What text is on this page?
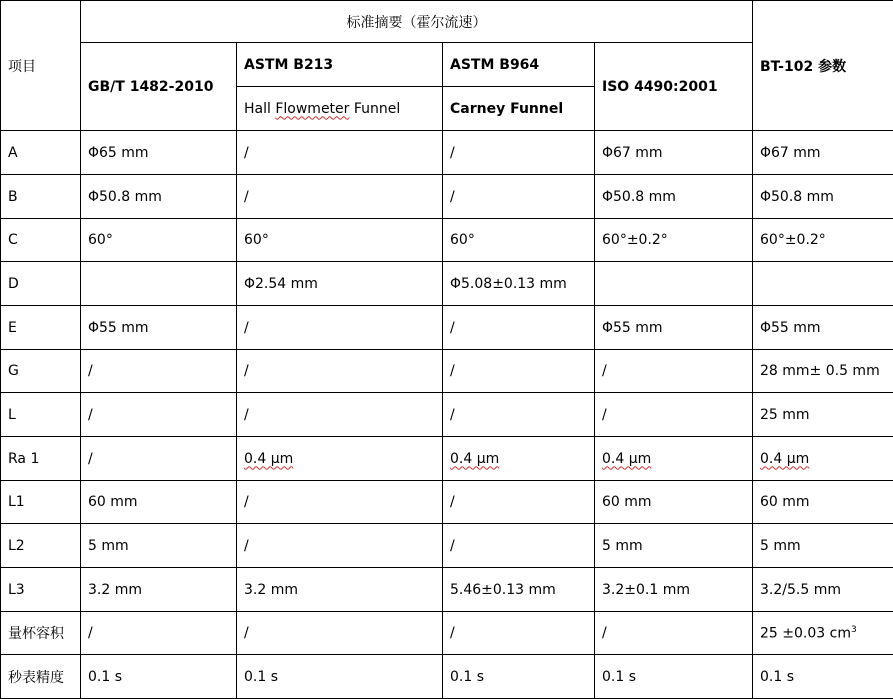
项目	标准摘要（霍尔流速）				BT-102 参数
	GB/T 1482-2010	ASTM B213	ASTM B964	ISO 4490:2001	
		Hall Flowmeter Funnel	Carney Funnel		
A	Φ65 mm	/	/	Φ67 mm	Φ67 mm
B	Φ50.8 mm	/	/	Φ50.8 mm	Φ50.8 mm
C	60°	60°	60°	60°±0.2°	60°±0.2°
D		Φ2.54 mm	Φ5.08±0.13 mm		
E	Φ55 mm	/	/	Φ55 mm	Φ55 mm
G	/	/	/	/	28 mm± 0.5 mm
L	/	/	/	/	25 mm
Ra 1	/	0.4 μm	0.4 μm	0.4 μm	0.4 μm
L1	60 mm	/	/	60 mm	60 mm
L2	5 mm	/	/	5 mm	5 mm
L3	3.2 mm	3.2 mm	5.46±0.13 mm	3.2±0.1 mm	3.2/5.5 mm
量杯容积	/	/	/	/	25 ±0.03 $cm^3$
秒表精度	0.1 s	0.1 s	0.1 s	0.1 s	0.1 s
